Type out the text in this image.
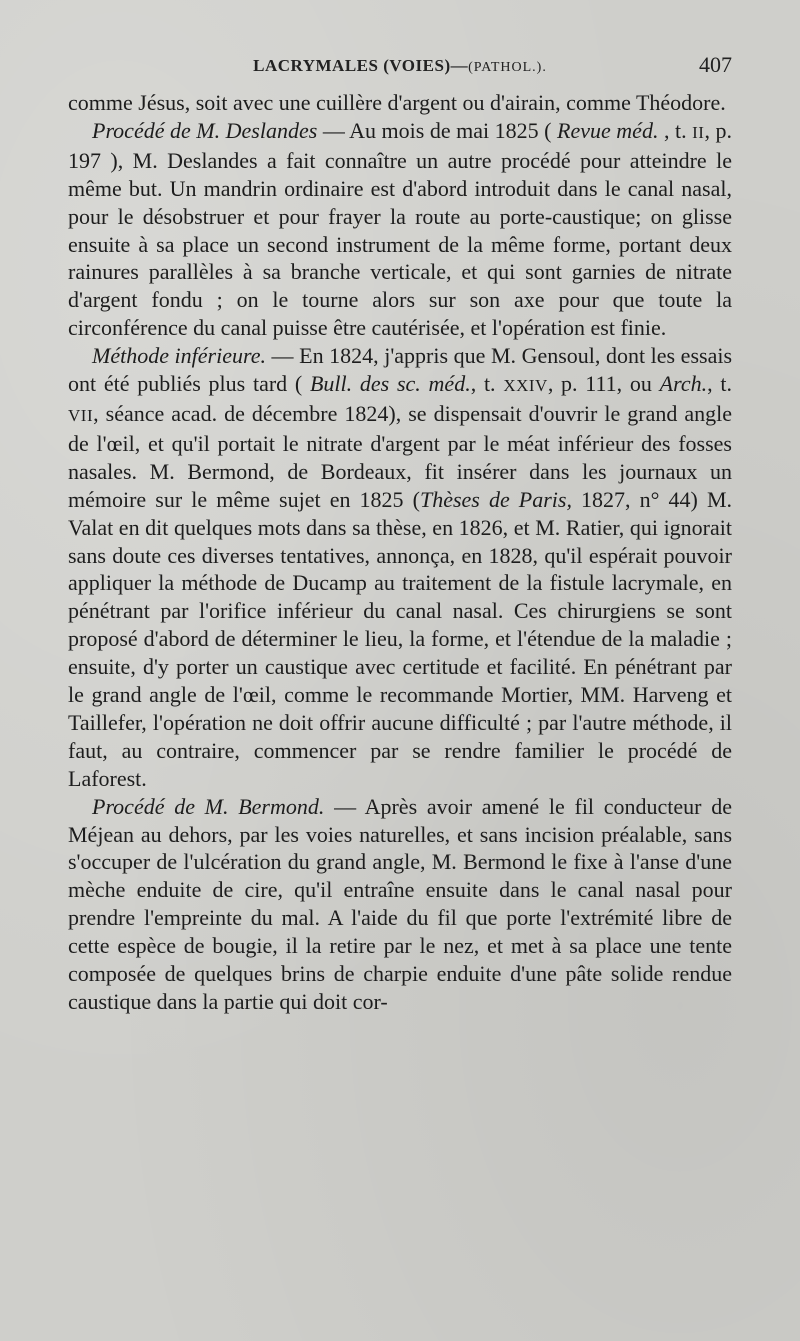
LACRYMALES (VOIES)—(PATHOL.).	407

comme Jésus, soit avec une cuillère d'argent ou d'airain, comme Théodore.

Procédé de M. Deslandes — Au mois de mai 1825 ( Revue méd. , t. II, p. 197 ), M. Deslandes a fait connaître un autre procédé pour atteindre le même but. Un mandrin ordinaire est d'abord introduit dans le canal nasal, pour le désobstruer et pour frayer la route au porte-caustique; on glisse ensuite à sa place un second instrument de la même forme, portant deux rainures parallèles à sa branche verticale, et qui sont garnies de nitrate d'argent fondu ; on le tourne alors sur son axe pour que toute la circonférence du canal puisse être cautérisée, et l'opération est finie.

Méthode inférieure. — En 1824, j'appris que M. Gensoul, dont les essais ont été publiés plus tard ( Bull. des sc. méd., t. XXIV, p. 111, ou Arch., t. VII, séance acad. de décembre 1824), se dispensait d'ouvrir le grand angle de l'œil, et qu'il portait le nitrate d'argent par le méat inférieur des fosses nasales. M. Bermond, de Bordeaux, fit insérer dans les journaux un mémoire sur le même sujet en 1825 (Thèses de Paris, 1827, n° 44) M. Valat en dit quelques mots dans sa thèse, en 1826, et M. Ratier, qui ignorait sans doute ces diverses tentatives, annonça, en 1828, qu'il espérait pouvoir appliquer la méthode de Ducamp au traitement de la fistule lacrymale, en pénétrant par l'orifice inférieur du canal nasal. Ces chirurgiens se sont proposé d'abord de déterminer le lieu, la forme, et l'étendue de la maladie ; ensuite, d'y porter un caustique avec certitude et facilité. En pénétrant par le grand angle de l'œil, comme le recommande Mortier, MM. Harveng et Taillefer, l'opération ne doit offrir aucune difficulté ; par l'autre méthode, il faut, au contraire, commencer par se rendre familier le procédé de Laforest.

Procédé de M. Bermond. — Après avoir amené le fil conducteur de Méjean au dehors, par les voies naturelles, et sans incision préalable, sans s'occuper de l'ulcération du grand angle, M. Bermond le fixe à l'anse d'une mèche enduite de cire, qu'il entraîne ensuite dans le canal nasal pour prendre l'empreinte du mal. A l'aide du fil que porte l'extrémité libre de cette espèce de bougie, il la retire par le nez, et met à sa place une tente composée de quelques brins de charpie enduite d'une pâte solide rendue caustique dans la partie qui doit cor-
